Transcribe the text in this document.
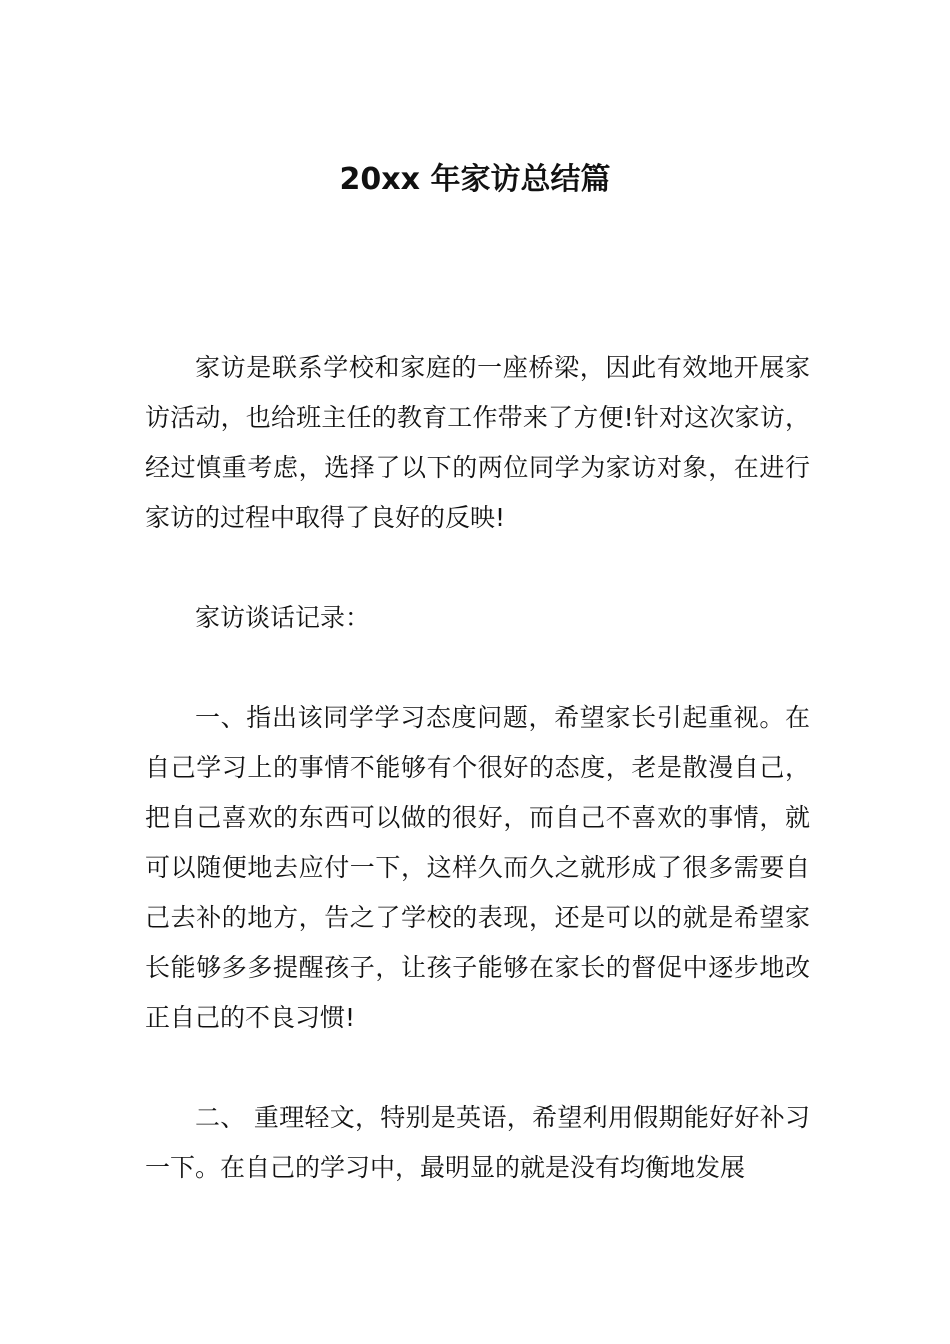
20xx 年家访总结篇

家访是联系学校和家庭的一座桥梁，因此有效地开展家访活动，也给班主任的教育工作带来了方便!针对这次家访，经过慎重考虑，选择了以下的两位同学为家访对象，在进行家访的过程中取得了良好的反映!

家访谈话记录：

一、指出该同学学习态度问题，希望家长引起重视。在自己学习上的事情不能够有个很好的态度，老是散漫自己，把自己喜欢的东西可以做的很好，而自己不喜欢的事情，就可以随便地去应付一下，这样久而久之就形成了很多需要自己去补的地方，告之了学校的表现，还是可以的就是希望家长能够多多提醒孩子，让孩子能够在家长的督促中逐步地改正自己的不良习惯!

二、 重理轻文，特别是英语，希望利用假期能好好补习一下。在自己的学习中，最明显的就是没有均衡地发展
